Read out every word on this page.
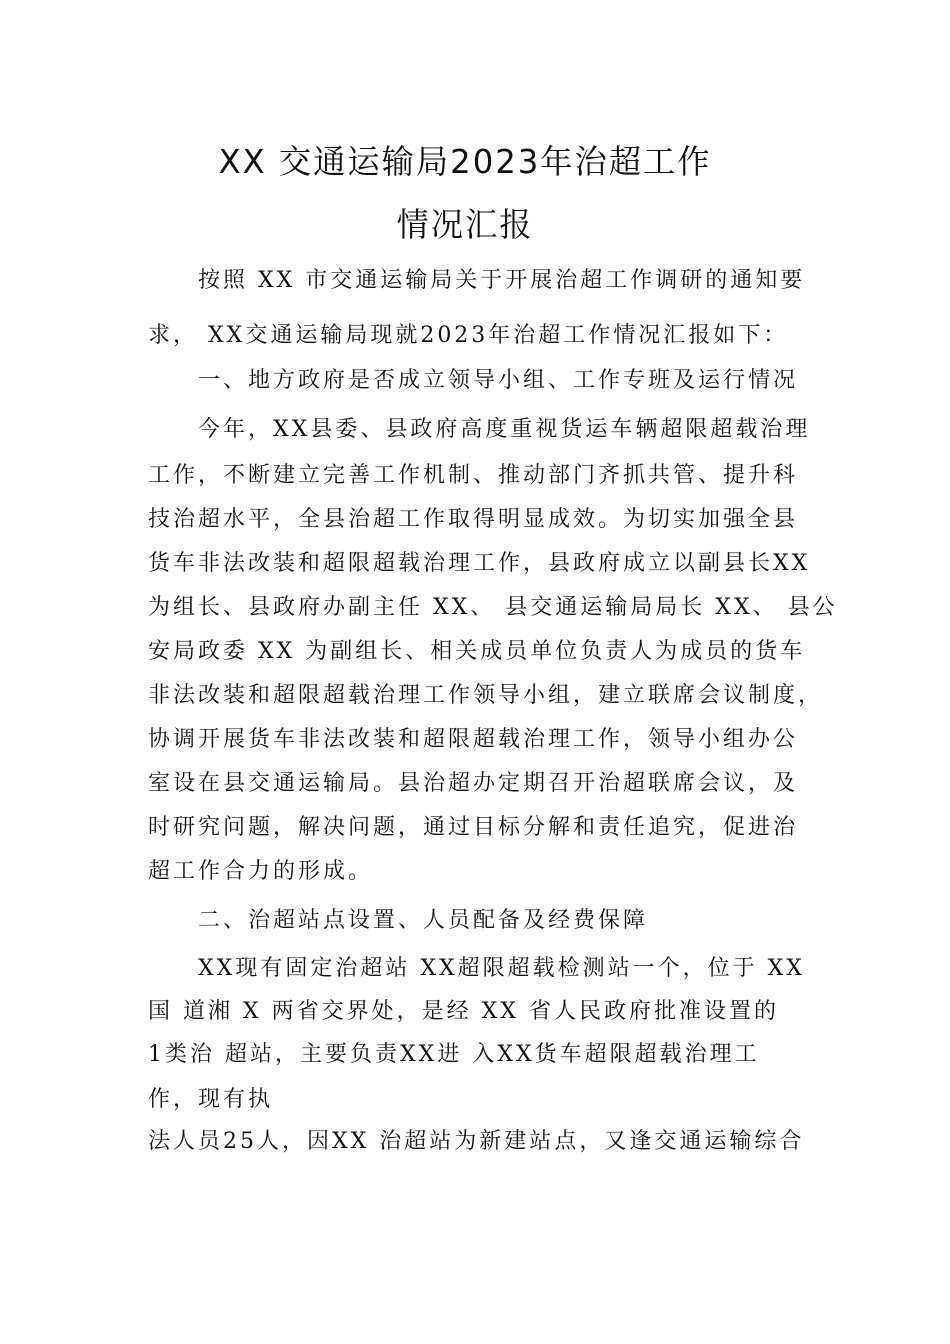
XX 交通运输局2023年治超工作
情况汇报
按照 XX 市交通运输局关于开展治超工作调研的通知要
求， XX交通运输局现就2023年治超工作情况汇报如下：
一、地方政府是否成立领导小组、工作专班及运行情况
今年，XX县委、县政府高度重视货运车辆超限超载治理
工作，不断建立完善工作机制、推动部门齐抓共管、提升科
技治超水平，全县治超工作取得明显成效。为切实加强全县
货车非法改装和超限超载治理工作，县政府成立以副县长XX
为组长、县政府办副主任 XX、 县交通运输局局长 XX、 县公
安局政委 XX 为副组长、相关成员单位负责人为成员的货车
非法改装和超限超载治理工作领导小组，建立联席会议制度，
协调开展货车非法改装和超限超载治理工作，领导小组办公
室设在县交通运输局。县治超办定期召开治超联席会议，及
时研究问题，解决问题，通过目标分解和责任追究，促进治
超工作合力的形成。
二、治超站点设置、人员配备及经费保障
XX现有固定治超站 XX超限超载检测站一个，位于 XX
国 道湘 X 两省交界处，是经 XX 省人民政府批准设置的
1类治 超站，主要负责XX进 入XX货车超限超载治理工
作，现有执
法人员25人，因XX 治超站为新建站点，又逢交通运输综合
